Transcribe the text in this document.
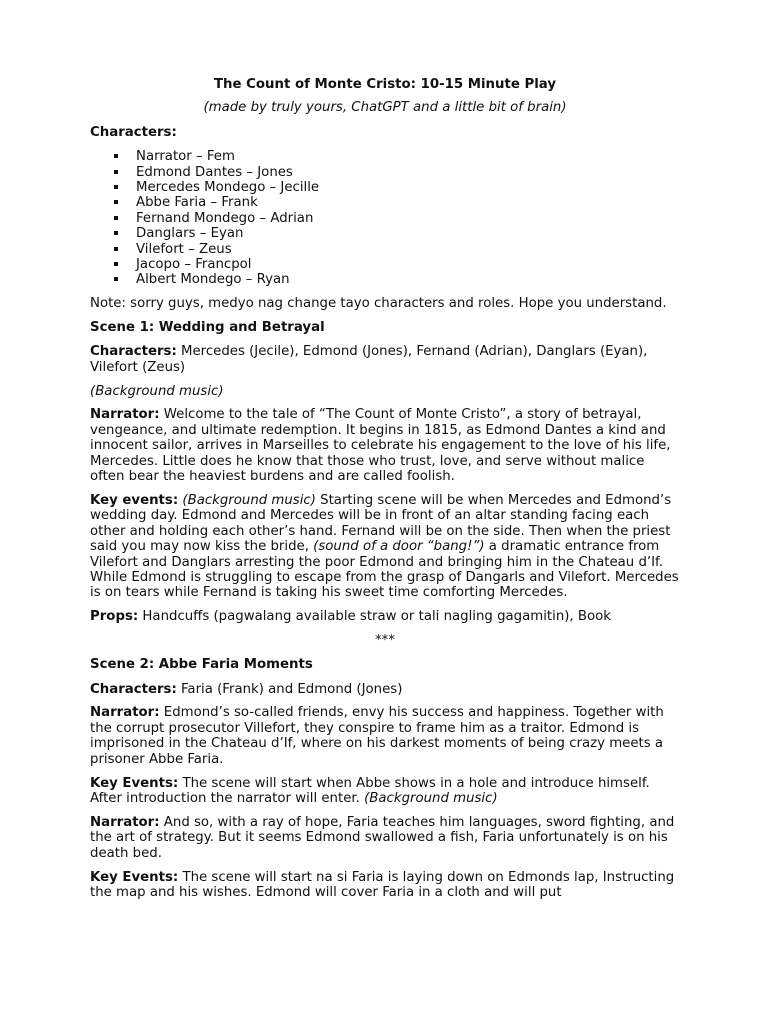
The Count of Monte Cristo: 10-15 Minute Play
(made by truly yours, ChatGPT and a little bit of brain)
Characters:
Narrator – Fem
Edmond Dantes – Jones
Mercedes Mondego – Jecille
Abbe Faria – Frank
Fernand Mondego – Adrian
Danglars – Eyan
Vilefort – Zeus
Jacopo – Francpol
Albert Mondego – Ryan

Note: sorry guys, medyo nag change tayo characters and roles. Hope you understand.

Scene 1: Wedding and Betrayal

Characters: Mercedes (Jecile), Edmond (Jones), Fernand (Adrian), Danglars (Eyan), Vilefort (Zeus)

(Background music)

Narrator: Welcome to the tale of “The Count of Monte Cristo”, a story of betrayal, vengeance, and ultimate redemption. It begins in 1815, as Edmond Dantes a kind and innocent sailor, arrives in Marseilles to celebrate his engagement to the love of his life, Mercedes. Little does he know that those who trust, love, and serve without malice often bear the heaviest burdens and are called foolish.

Key events: (Background music) Starting scene will be when Mercedes and Edmond’s wedding day. Edmond and Mercedes will be in front of an altar standing facing each other and holding each other’s hand. Fernand will be on the side. Then when the priest said you may now kiss the bride, (sound of a door “bang!”) a dramatic entrance from Vilefort and Danglars arresting the poor Edmond and bringing him in the Chateau d’If. While Edmond is struggling to escape from the grasp of Dangarls and Vilefort. Mercedes is on tears while Fernand is taking his sweet time comforting Mercedes.

Props: Handcuffs (pagwalang available straw or tali nagling gagamitin), Book

***
Scene 2: Abbe Faria Moments

Characters: Faria (Frank) and Edmond (Jones)

Narrator: Edmond’s so-called friends, envy his success and happiness. Together with the corrupt prosecutor Villefort, they conspire to frame him as a traitor. Edmond is imprisoned in the Chateau d’If, where on his darkest moments of being crazy meets a prisoner Abbe Faria.

Key Events: The scene will start when Abbe shows in a hole and introduce himself. After introduction the narrator will enter. (Background music)

Narrator: And so, with a ray of hope, Faria teaches him languages, sword fighting, and the art of strategy. But it seems Edmond swallowed a fish, Faria unfortunately is on his death bed.

Key Events: The scene will start na si Faria is laying down on Edmonds lap, Instructing the map and his wishes. Edmond will cover Faria in a cloth and will put
